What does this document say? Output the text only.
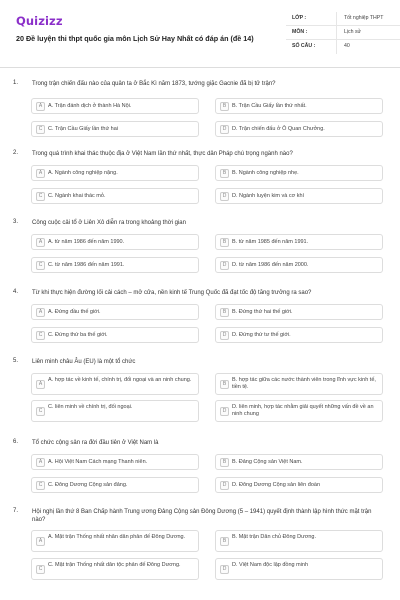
Quizizz
20 Đề luyện thi thpt quốc gia môn Lịch Sử Hay Nhất có đáp án (đề 14)
LỚP :	Tốt nghiệp THPT
MÔN :	Lịch sử
SỐ CÂU :	40
1. Trong trận chiến đấu nào của quân ta ở Bắc Kì năm 1873, tướng giặc Gacnie đã bị tử trận?
A	A. Trận đánh dịch ở thành Hà Nội.	B	B. Trận Cầu Giấy lần thứ nhất.
C	C. Trận Cầu Giấy lần thứ hai	D	D. Trận chiến đấu ở Ô Quan Chưởng.
2. Trong quá trình khai thác thuộc địa ở Việt Nam lần thứ nhất, thực dân Pháp chú trọng ngành nào?
A	A. Ngành công nghiệp nặng.	B	B. Ngành công nghiệp nhẹ.
C	C. Ngành khai thác mỏ.	D	D. Ngành luyện kim và cơ khí
3. Công cuộc cải tổ ở Liên Xô diễn ra trong khoảng thời gian
A	A. từ năm 1986 đến năm 1990.	B	B. từ năm 1985 đến năm 1991.
C	C. từ năm 1986 đến năm 1991.	D	D. từ năm 1986 đến năm 2000.
4. Từ khi thực hiện đường lối cải cách – mở cửa, nền kinh tế Trung Quốc đã đạt tốc độ tăng trưởng ra sao?
A	A. Đứng đầu thế giới.	B	B. Đứng thứ hai thế giới.
C	C. Đứng thứ ba thế giới.	D	D. Đứng thứ tư thế giới.
5. Liên minh châu Âu (EU) là một tổ chức
A
A. hợp tác về kinh tế, chính trị, đối ngoại và an ninh chung.
B
B. hợp tác giữa các nước thành viên trong lĩnh vực kinh tế, tiền tệ.
C
C. liên minh về chính trị, đối ngoại.
D
D. liên minh, hợp tác nhằm giải quyết những vấn đề về an ninh chung
6. Tổ chức cộng sản ra đời đầu tiên ở Việt Nam là
A	A. Hội Việt Nam Cách mạng Thanh niên.	B	B. Đảng Cộng sản Việt Nam.
C	C. Đông Dương Cộng sản đảng.	D	D. Đông Dương Cộng sản liên đoàn
7. Hội nghị lần thứ 8 Ban Chấp hành Trung ương Đảng Cộng sản Đông Dương (5 – 1941) quyết định thành lập hình thức mặt trận nào?
A
A. Mặt trận Thống nhất nhân dân phản đế Đông Dương.
B
B. Mặt trận Dân chủ Đông Dương.
C
C. Mặt trận Thống nhất dân tộc phản đế Đông Dương.
D
D. Việt Nam độc lập đồng minh
